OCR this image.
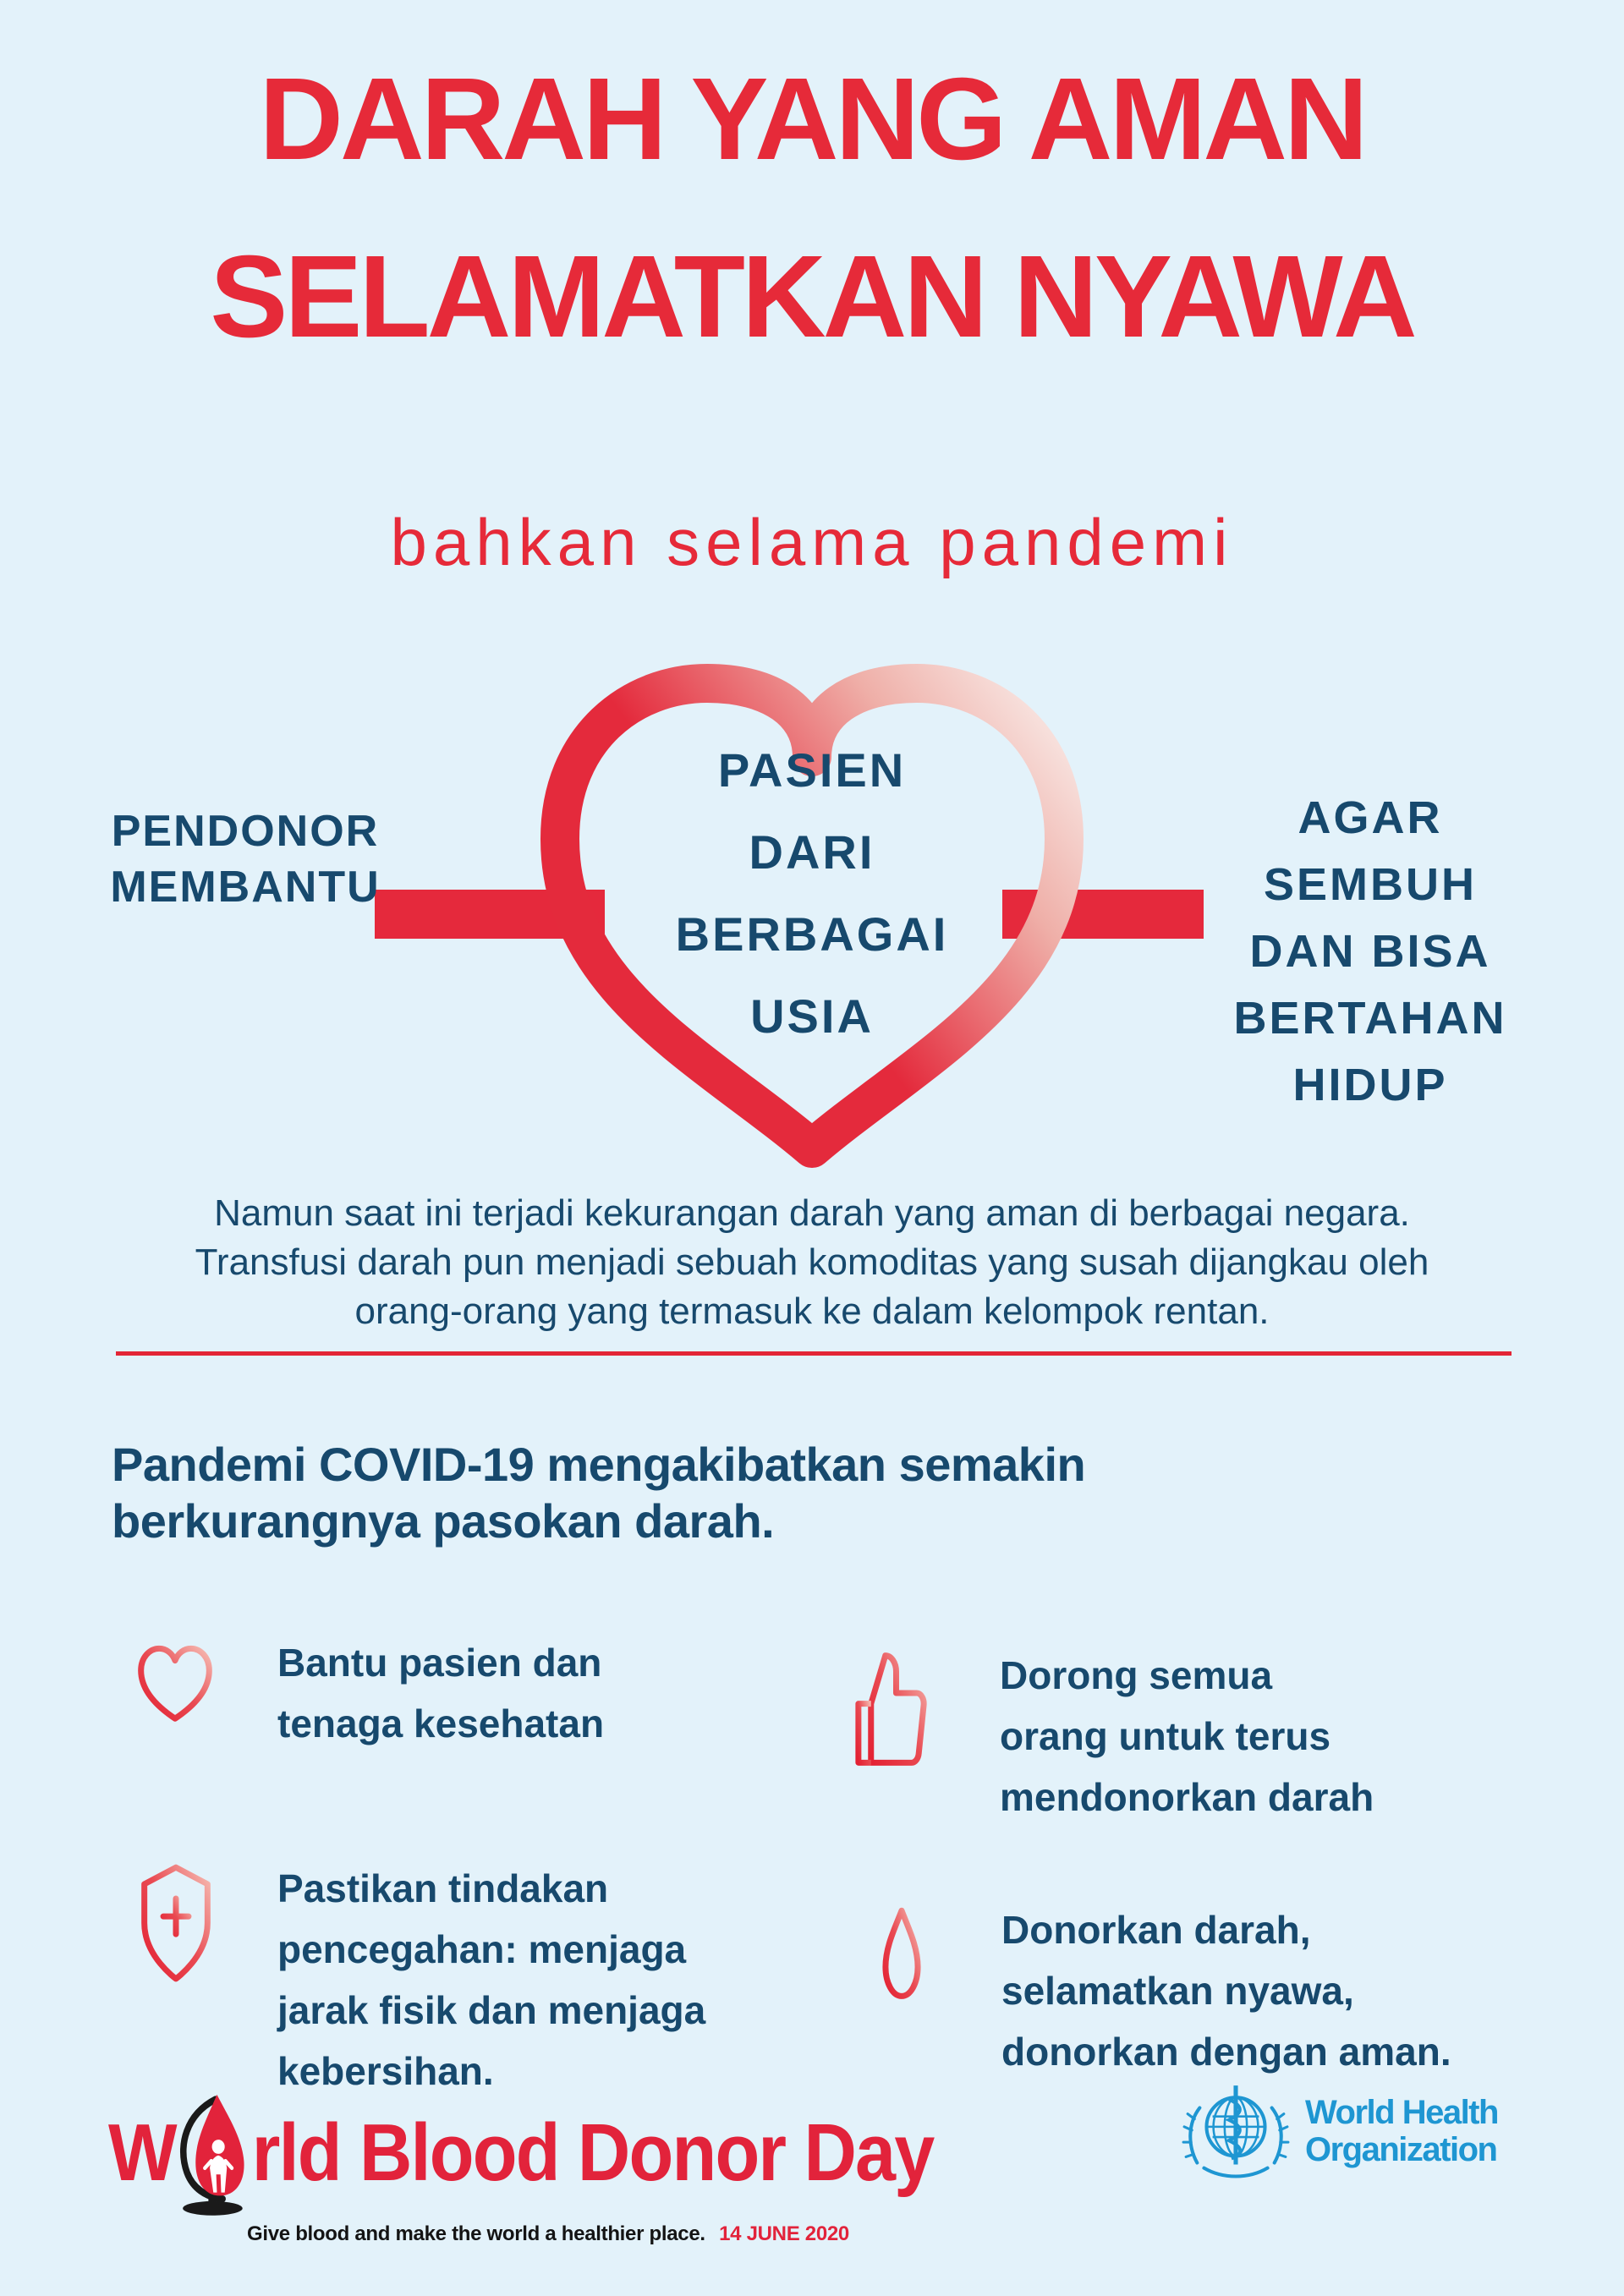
DARAH YANG AMAN
SELAMATKAN NYAWA
bahkan selama pandemi
PENDONOR
MEMBANTU
PASIEN
DARI
BERBAGAI
USIA
AGAR
SEMBUH
DAN BISA
BERTAHAN
HIDUP
Namun saat ini terjadi kekurangan darah yang aman di berbagai negara.
Transfusi darah pun menjadi sebuah komoditas yang susah dijangkau oleh
orang-orang yang termasuk ke dalam kelompok rentan.
Pandemi COVID-19 mengakibatkan semakin
berkurangnya pasokan darah.
Bantu pasien dan
tenaga kesehatan
Dorong semua
orang untuk terus
mendonorkan darah
Pastikan tindakan
pencegahan: menjaga
jarak fisik dan menjaga
kebersihan.
Donorkan darah,
selamatkan nyawa,
donorkan dengan aman.
W rld Blood Donor Day
Give blood and make the world a healthier place. 14 JUNE 2020
World Health
Organization
